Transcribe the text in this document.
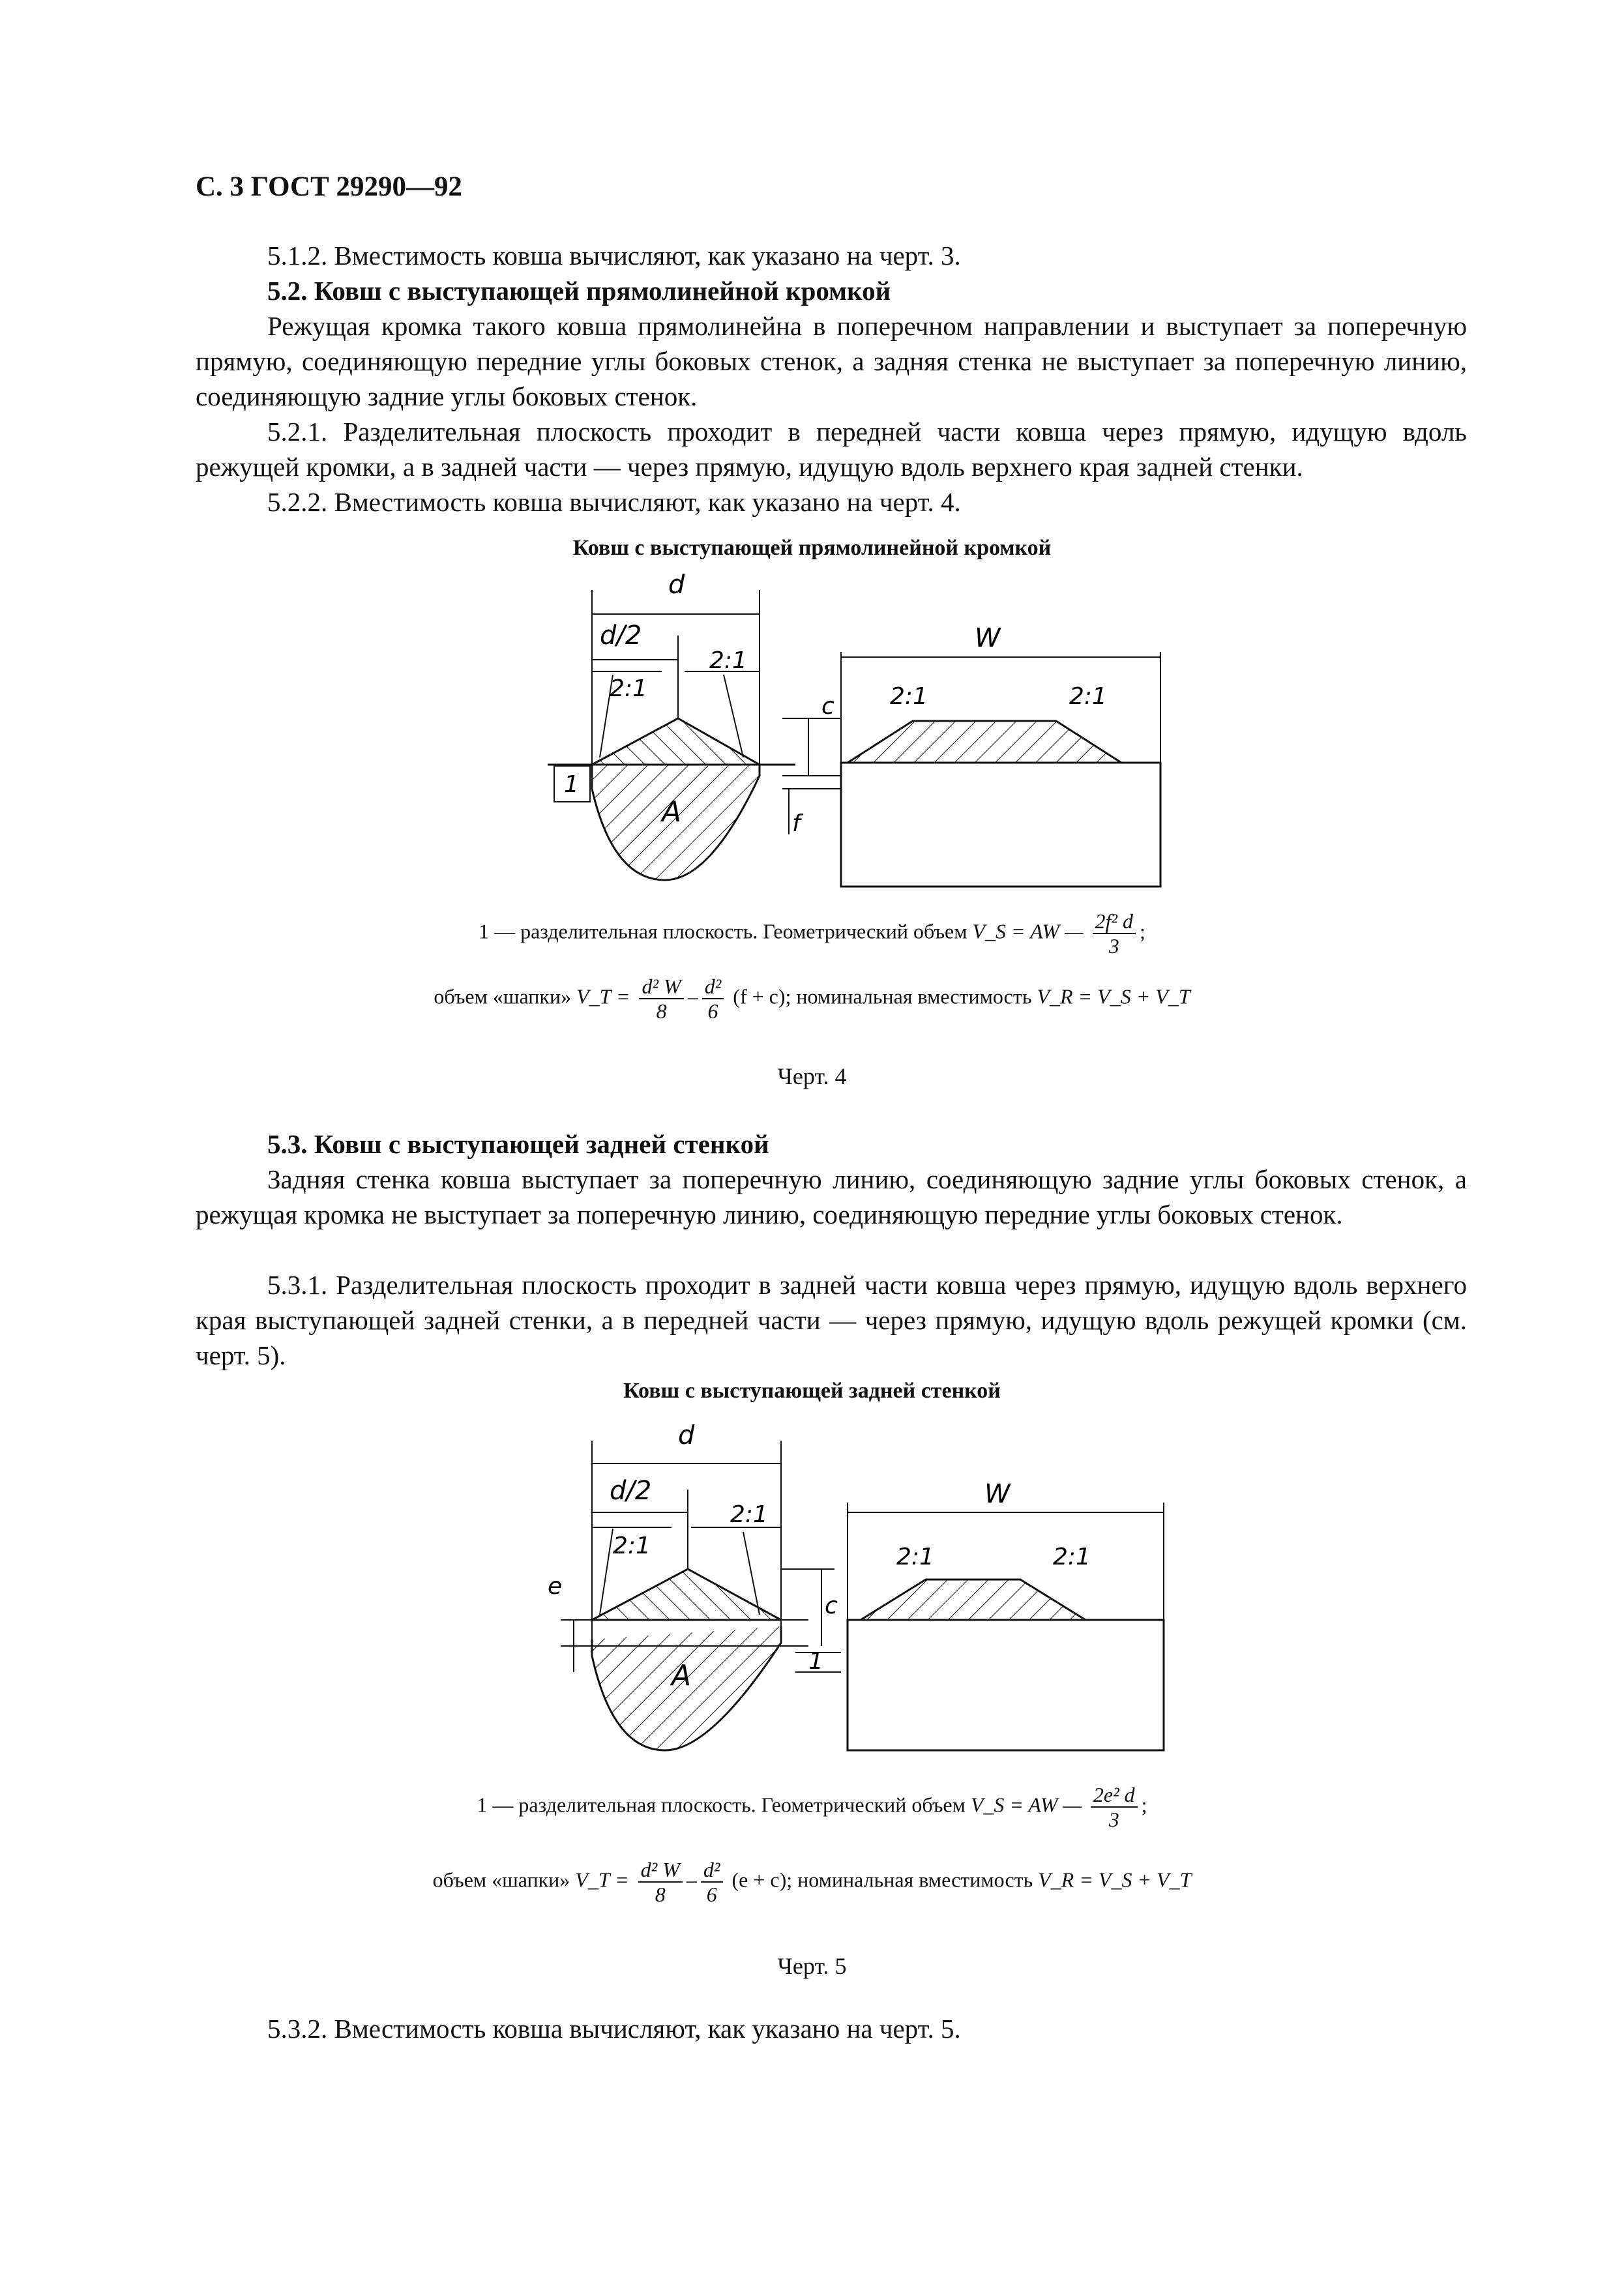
С. 3 ГОСТ 29290—92

5.1.2. Вместимость ковша вычисляют, как указано на черт. 3.

5.2. Ковш с выступающей прямолинейной кромкой

Режущая кромка такого ковша прямолинейна в поперечном направлении и выступает за поперечную прямую, соединяющую передние углы боковых стенок, а задняя стенка не выступает за поперечную линию, соединяющую задние углы боковых стенок.

5.2.1. Разделительная плоскость проходит в передней части ковша через прямую, идущую вдоль режущей кромки, а в задней части — через прямую, идущую вдоль верхнего края задней стенки.

5.2.2. Вместимость ковша вычисляют, как указано на черт. 4.

Ковш с выступающей прямолинейной кромкой
d
d/2
2:1
2:1
c
f
1
A
W
2:1	2:1
1 — разделительная плоскость. Геометрический объем V_S = AW — $\frac{\text{2f² d}}{3}$ ;
объем «шапки» V_T = $\frac{\text{d² W}}{8} - \frac{\text{d²}}{6} (f + c)$; номинальная вместимость V_R = V_S + V_T
Черт. 4

5.3. Ковш с выступающей задней стенкой

Задняя стенка ковша выступает за поперечную линию, соединяющую задние углы боковых стенок, а режущая кромка не выступает за поперечную линию, соединяющую передние углы боковых стенок.

5.3.1. Разделительная плоскость проходит в задней части ковша через прямую, идущую вдоль верхнего края выступающей задней стенки, а в передней части — через прямую, идущую вдоль режущей кромки (см. черт. 5).

Ковш с выступающей задней стенкой
d
d/2
2:1
2:1
e
c
1
A
W
2:1	2:1
1 — разделительная плоскость. Геометрический объем V_S = AW — $\frac{\text{2e² d}}{3}$ ;
объем «шапки» V_T = $\frac{\text{d² W}}{8} - \frac{\text{d²}}{6} (e + c)$; номинальная вместимость V_R = V_S + V_T
Черт. 5

5.3.2. Вместимость ковша вычисляют, как указано на черт. 5.
